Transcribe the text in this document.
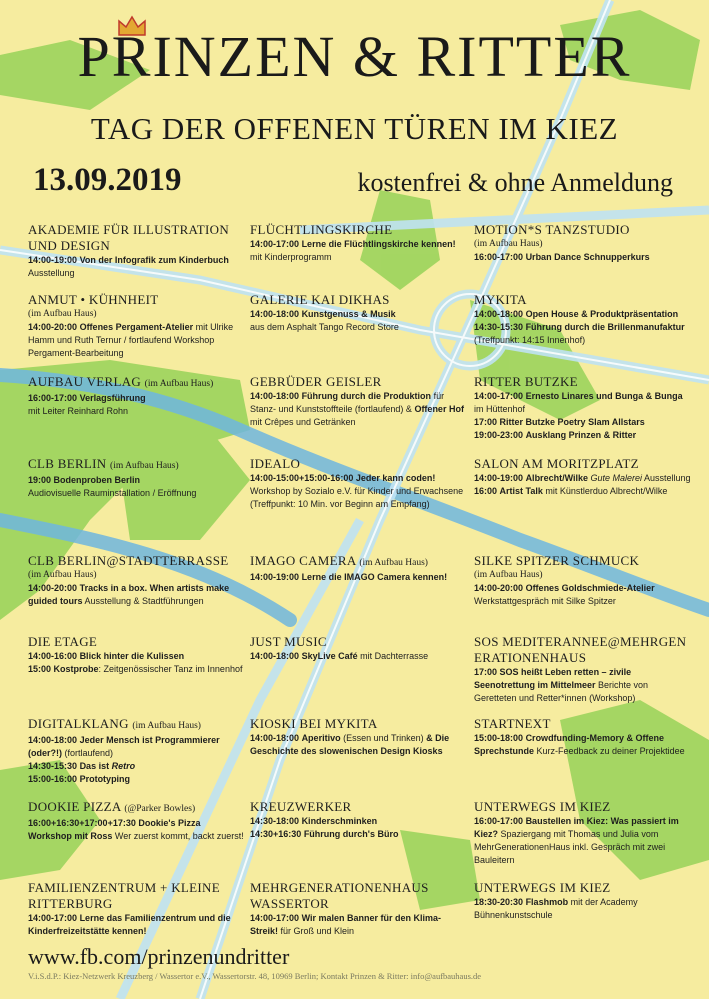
PRINZEN & RITTER
TAG DER OFFENEN TÜREN IM KIEZ
13.09.2019	kostenfrei & ohne Anmeldung
AKADEMIE FÜR ILLUSTRATION UND DESIGN
14:00-19:00 Von der Infografik zum Kinderbuch Ausstellung
ANMUT • KÜHNHEIT
(im Aufbau Haus)
14:00-20:00 Offenes Pergament-Atelier mit Ulrike Hamm und Ruth Ternur / fortlaufend Workshop Pergament-Bearbeitung
AUFBAU VERLAG (im Aufbau Haus)
16:00-17:00 Verlagsführung
mit Leiter Reinhard Rohn
CLB BERLIN (im Aufbau Haus)
19:00 Bodenproben Berlin
Audiovisuelle Rauminstallation / Eröffnung
CLB BERLIN@STADTTERRASSE
(im Aufbau Haus)
14:00-20:00 Tracks in a box. When artists make guided tours Ausstellung & Stadtführungen
DIE ETAGE
14:00-16:00 Blick hinter die Kulissen
15:00 Kostprobe: Zeitgenössischer Tanz im Innenhof
DIGITALKLANG (im Aufbau Haus)
14:00-18:00 Jeder Mensch ist Programmierer (oder?!) (fortlaufend)
14:30-15:30 Das ist Retro
15:00-16:00 Prototyping
DOOKIE PIZZA (@Parker Bowles)
16:00+16:30+17:00+17:30 Dookie's Pizza Workshop mit Ross Wer zuerst kommt, backt zuerst!
FAMILIENZENTRUM + KLEINE RITTERBURG
14:00-17:00 Lerne das Familienzentrum und die Kinderfreizeitstätte kennen!
FLÜCHTLINGSKIRCHE
14:00-17:00 Lerne die Flüchtlingskirche kennen! mit Kinderprogramm
GALERIE KAI DIKHAS
14:00-18:00 Kunstgenuss & Musik
aus dem Asphalt Tango Record Store
GEBRÜDER GEISLER
14:00-18:00 Führung durch die Produktion für Stanz- und Kunststoffteile (fortlaufend) & Offener Hof mit Crêpes und Getränken
IDEALO
14:00-15:00+15:00-16:00 Jeder kann coden! Workshop by Sozialo e.V. für Kinder und Erwachsene (Treffpunkt: 10 Min. vor Beginn am Empfang)
IMAGO CAMERA (im Aufbau Haus)
14:00-19:00 Lerne die IMAGO Camera kennen!
JUST MUSIC
14:00-18:00 SkyLive Café mit Dachterrasse
KIOSKI BEI MYKITA
14:00-18:00 Aperitivo (Essen und Trinken) & Die Geschichte des slowenischen Design Kiosks
KREUZWERKER
14:30-18:00 Kinderschminken
14:30+16:30 Führung durch's Büro
MEHRGENERATIONENHAUS WASSERTOR
14:00-17:00 Wir malen Banner für den Klima-Streik! für Groß und Klein
MOTION*S TANZSTUDIO
(im Aufbau Haus)
16:00-17:00 Urban Dance Schnupperkurs
MYKITA
14:00-18:00 Open House & Produktpräsentation
14:30-15:30 Führung durch die Brillenmanufaktur (Treffpunkt: 14:15 Innenhof)
RITTER BUTZKE
14:00-17:00 Ernesto Linares und Bunga & Bunga im Hüttenhof
17:00 Ritter Butzke Poetry Slam Allstars
19:00-23:00 Ausklang Prinzen & Ritter
SALON AM MORITZPLATZ
14:00-19:00 Albrecht/Wilke Gute Malerei Ausstellung
16:00 Artist Talk mit Künstlerduo Albrecht/Wilke
SILKE SPITZER SCHMUCK
(im Aufbau Haus)
14:00-20:00 Offenes Goldschmiede-Atelier Werkstattgespräch mit Silke Spitzer
SOS MEDITERANNEE@MEHRGENERATIONENHAUS
17:00 SOS heißt Leben retten – zivile Seenotrettung im Mittelmeer Berichte von Geretteten und Retter*innen (Workshop)
STARTNEXT
15:00-18:00 Crowdfunding-Memory & Offene Sprechstunde Kurz-Feedback zu deiner Projektidee
UNTERWEGS IM KIEZ
16:00-17:00 Baustellen im Kiez: Was passiert im Kiez? Spaziergang mit Thomas und Julia vom MehrGenerationenHaus inkl. Gespräch mit zwei Bauleitern
UNTERWEGS IM KIEZ
18:30-20:30 Flashmob mit der Academy Bühnenkunstschule
www.fb.com/prinzenundritter
V.i.S.d.P.: Kiez-Netzwerk Kreuzberg / Wassertor e.V., Wassertorstr. 48, 10969 Berlin; Kontakt Prinzen & Ritter: info@aufbauhaus.de
